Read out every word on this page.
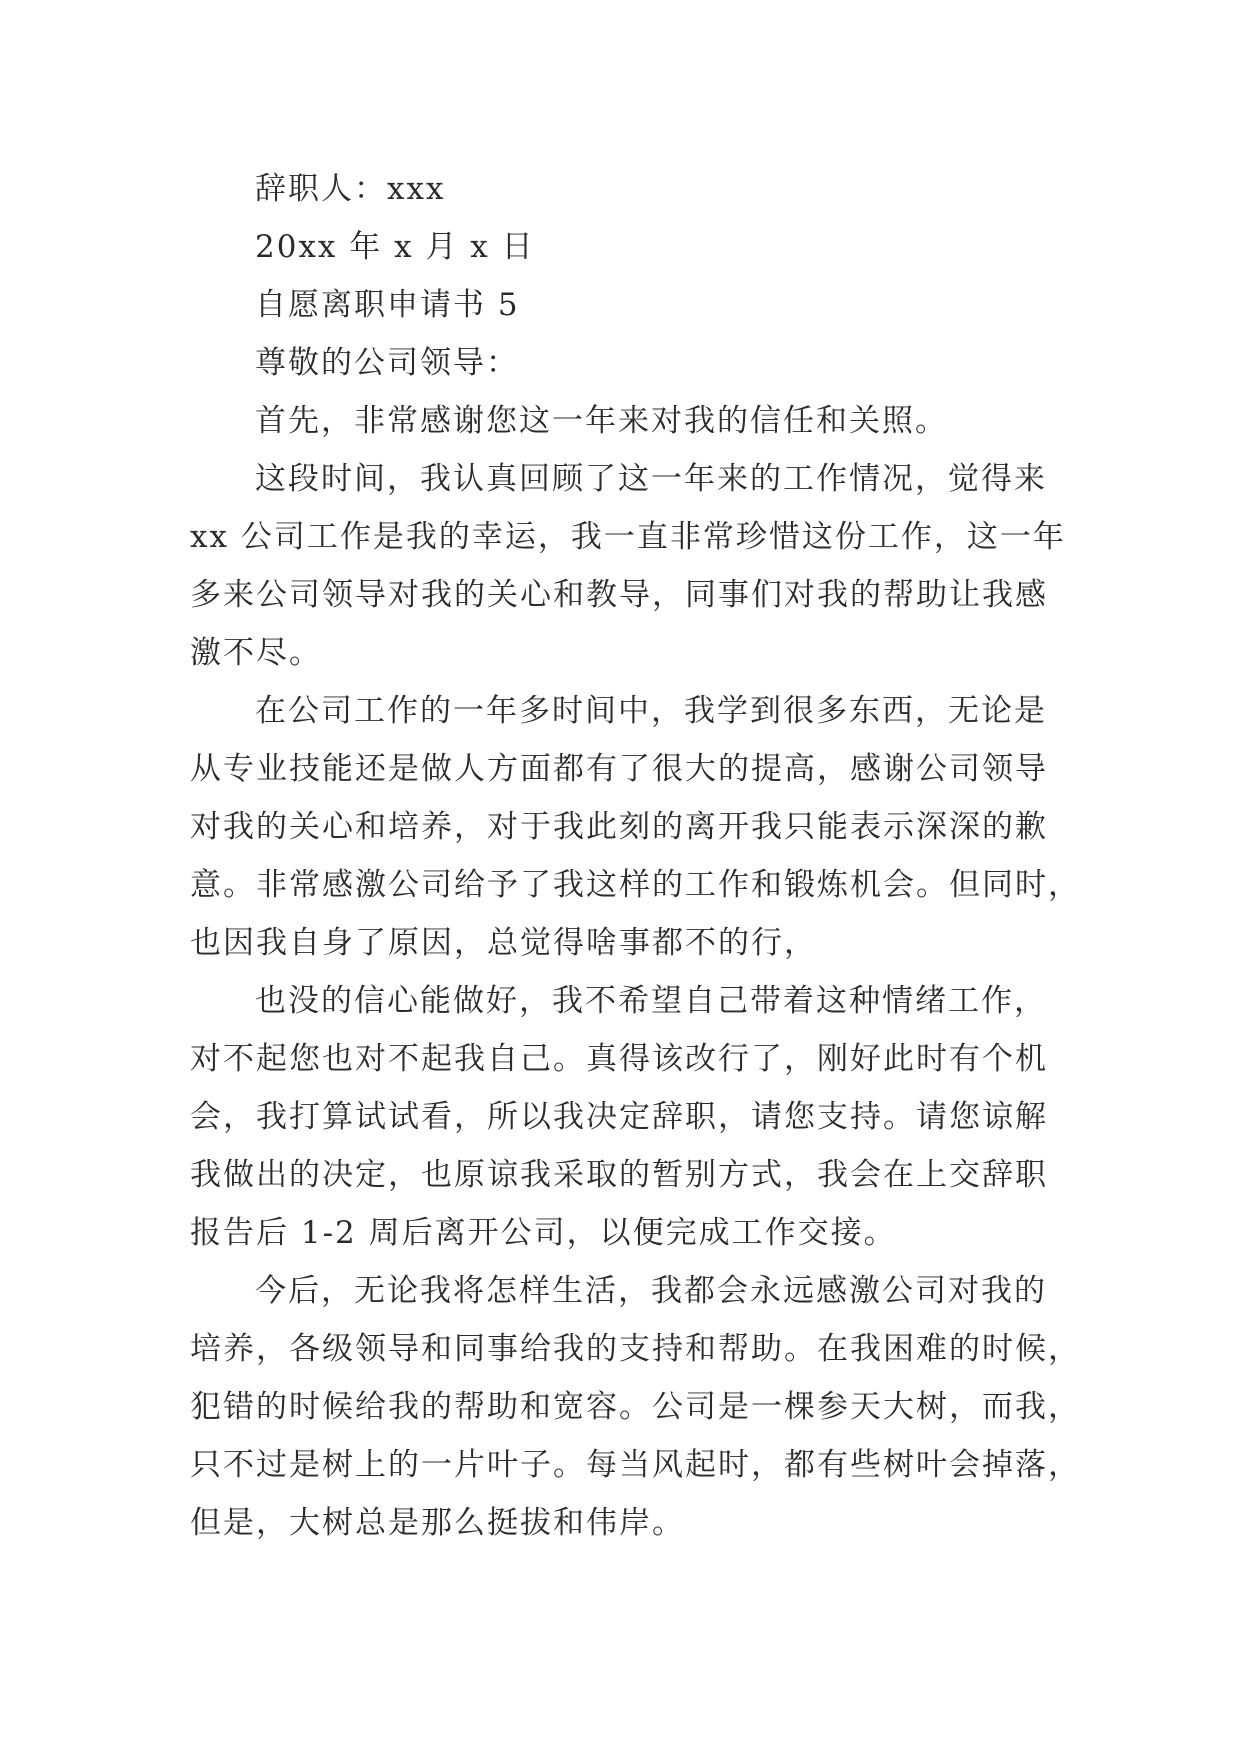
辞职人：xxx
20xx 年 x 月 x 日
自愿离职申请书 5
尊敬的公司领导：
首先，非常感谢您这一年来对我的信任和关照。
这段时间，我认真回顾了这一年来的工作情况，觉得来
xx 公司工作是我的幸运，我一直非常珍惜这份工作，这一年
多来公司领导对我的关心和教导，同事们对我的帮助让我感
激不尽。
在公司工作的一年多时间中，我学到很多东西，无论是
从专业技能还是做人方面都有了很大的提高，感谢公司领导
对我的关心和培养，对于我此刻的离开我只能表示深深的歉
意。非常感激公司给予了我这样的工作和锻炼机会。但同时，
也因我自身了原因，总觉得啥事都不的行，
也没的信心能做好，我不希望自己带着这种情绪工作，
对不起您也对不起我自己。真得该改行了，刚好此时有个机
会，我打算试试看，所以我决定辞职，请您支持。请您谅解
我做出的决定，也原谅我采取的暂别方式，我会在上交辞职
报告后 1-2 周后离开公司，以便完成工作交接。
今后，无论我将怎样生活，我都会永远感激公司对我的
培养，各级领导和同事给我的支持和帮助。在我困难的时候，
犯错的时候给我的帮助和宽容。公司是一棵参天大树，而我，
只不过是树上的一片叶子。每当风起时，都有些树叶会掉落，
但是，大树总是那么挺拔和伟岸。
